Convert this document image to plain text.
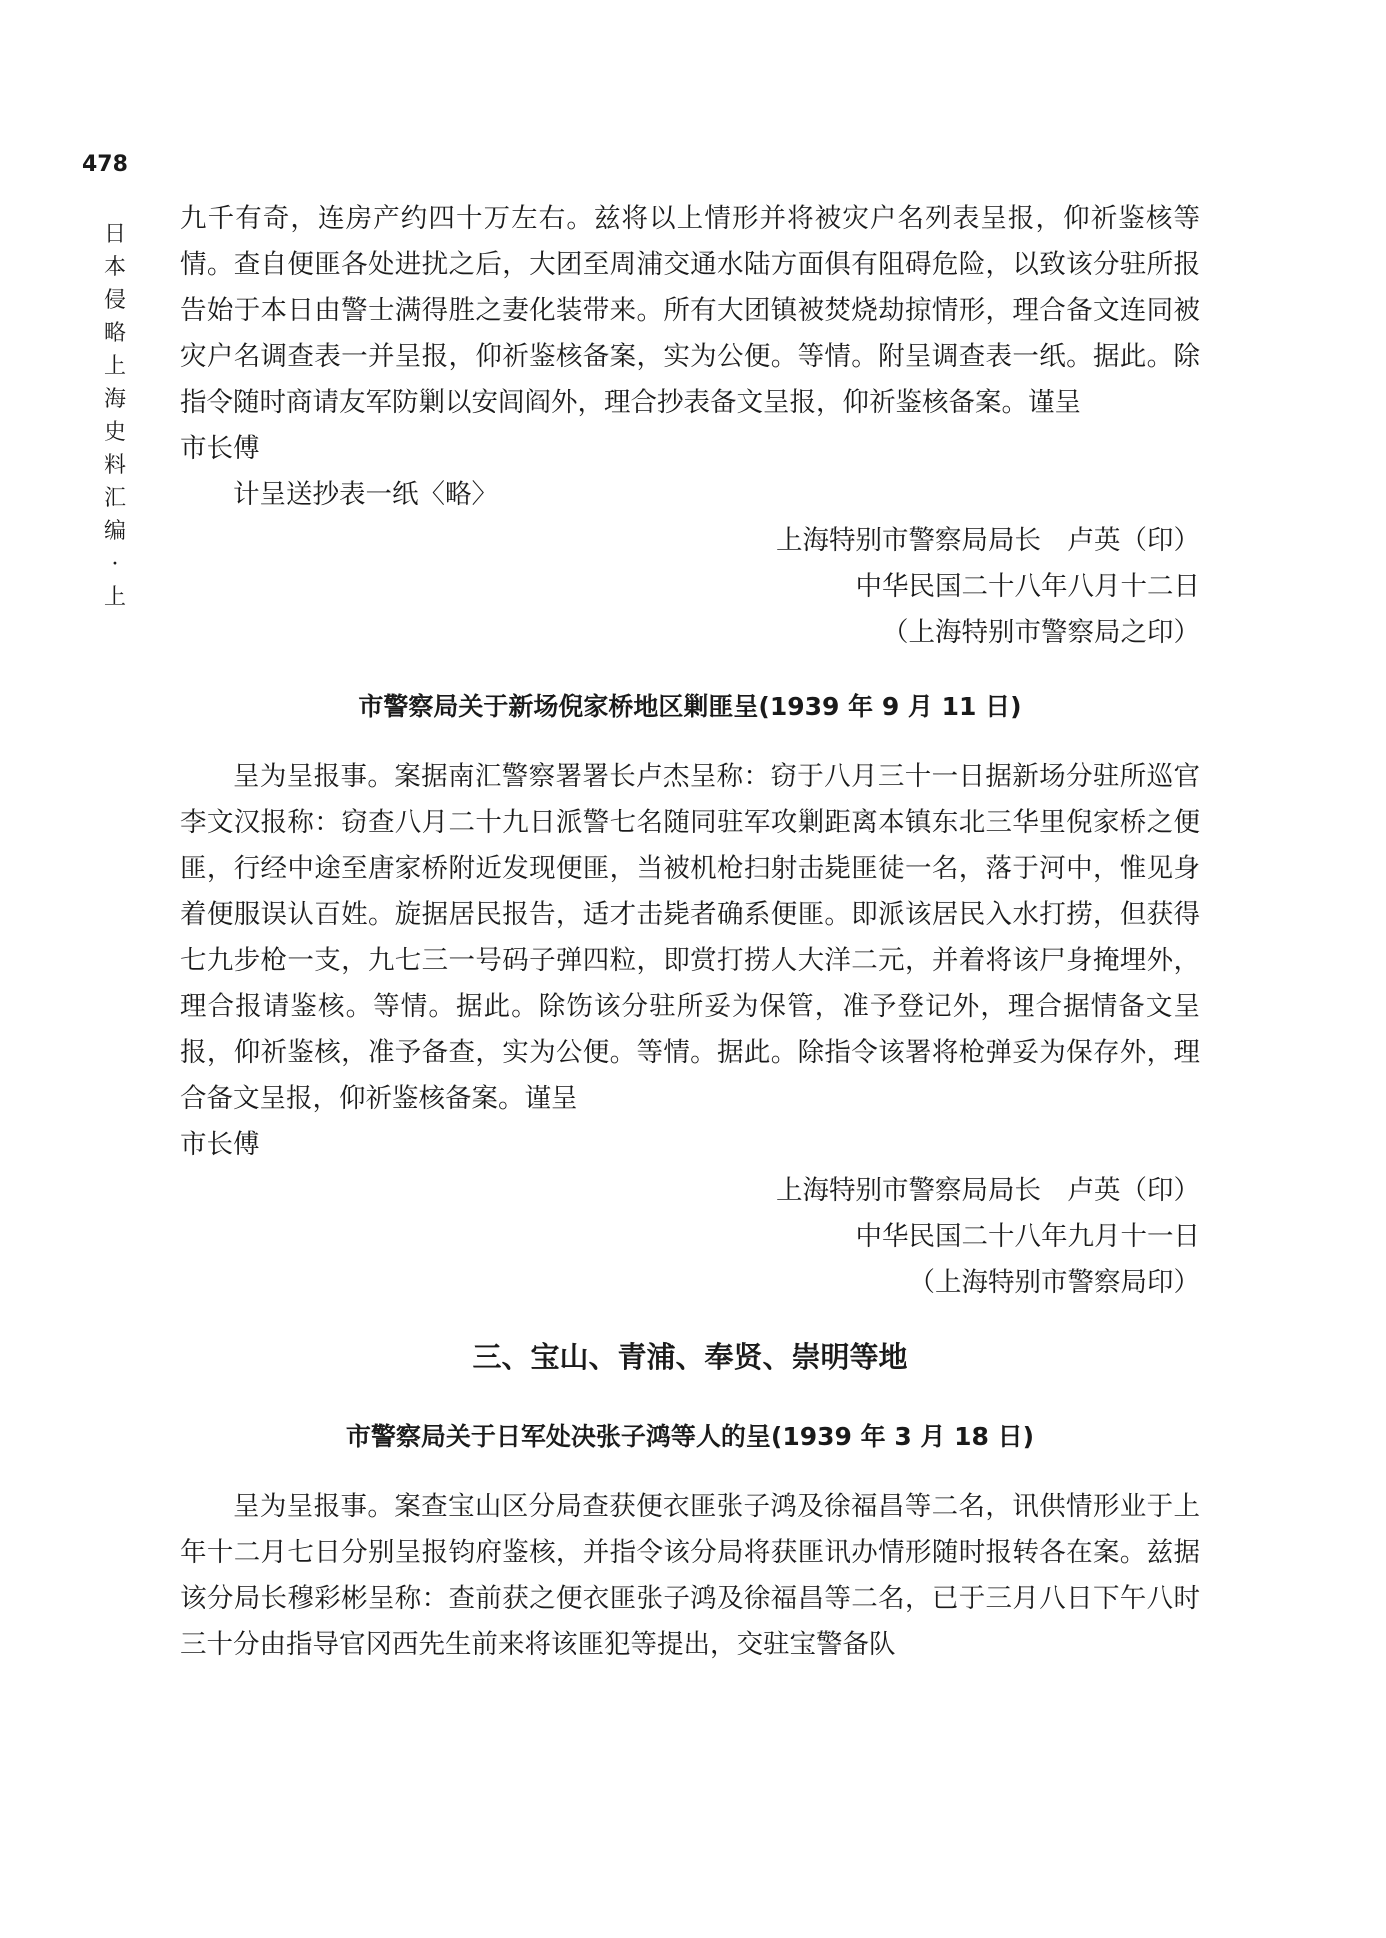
478
日本侵略上海史料汇编·上

九千有奇，连房产约四十万左右。兹将以上情形并将被灾户名列表呈报，仰祈鉴核等情。查自便匪各处进扰之后，大团至周浦交通水陆方面俱有阻碍危险，以致该分驻所报告始于本日由警士满得胜之妻化装带来。所有大团镇被焚烧劫掠情形，理合备文连同被灾户名调查表一并呈报，仰祈鉴核备案，实为公便。等情。附呈调查表一纸。据此。除指令随时商请友军防剿以安闾阎外，理合抄表备文呈报，仰祈鉴核备案。谨呈

市长傅

计呈送抄表一纸〈略〉

上海特别市警察局局长　卢英（印）

中华民国二十八年八月十二日

（上海特别市警察局之印）

市警察局关于新场倪家桥地区剿匪呈(1939 年 9 月 11 日)

呈为呈报事。案据南汇警察署署长卢杰呈称：窃于八月三十一日据新场分驻所巡官李文汉报称：窃查八月二十九日派警七名随同驻军攻剿距离本镇东北三华里倪家桥之便匪，行经中途至唐家桥附近发现便匪，当被机枪扫射击毙匪徒一名，落于河中，惟见身着便服误认百姓。旋据居民报告，适才击毙者确系便匪。即派该居民入水打捞，但获得七九步枪一支，九七三一号码子弹四粒，即赏打捞人大洋二元，并着将该尸身掩埋外，理合报请鉴核。等情。据此。除饬该分驻所妥为保管，准予登记外，理合据情备文呈报，仰祈鉴核，准予备查，实为公便。等情。据此。除指令该署将枪弹妥为保存外，理合备文呈报，仰祈鉴核备案。谨呈

市长傅

上海特别市警察局局长　卢英（印）

中华民国二十八年九月十一日

（上海特别市警察局印）

三、宝山、青浦、奉贤、崇明等地

市警察局关于日军处决张子鸿等人的呈(1939 年 3 月 18 日)

呈为呈报事。案查宝山区分局查获便衣匪张子鸿及徐福昌等二名，讯供情形业于上年十二月七日分别呈报钧府鉴核，并指令该分局将获匪讯办情形随时报转各在案。兹据该分局长穆彩彬呈称：查前获之便衣匪张子鸿及徐福昌等二名，已于三月八日下午八时三十分由指导官冈西先生前来将该匪犯等提出，交驻宝警备队
